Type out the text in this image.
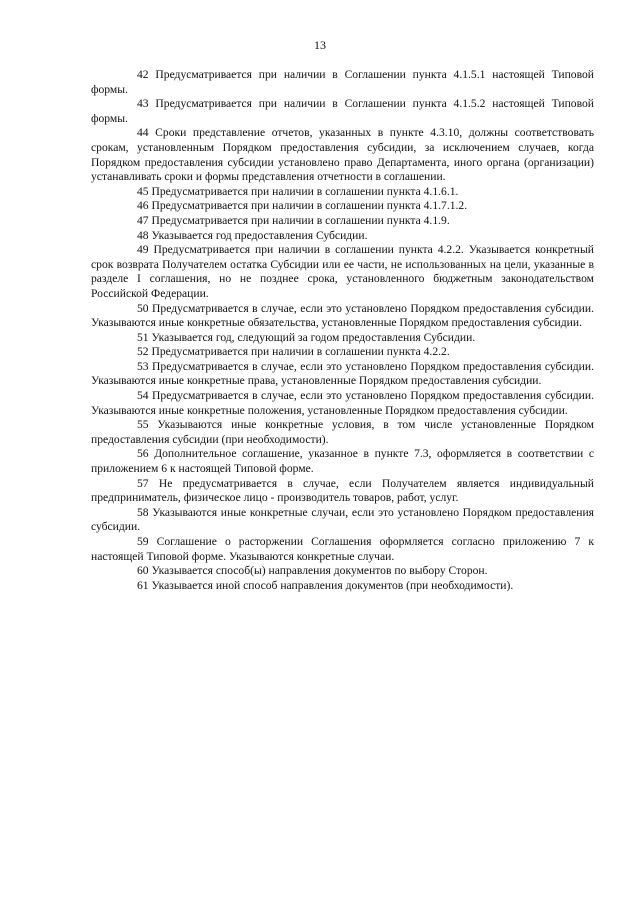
13

42 Предусматривается при наличии в Соглашении пункта 4.1.5.1 настоящей Типовой формы.

43 Предусматривается при наличии в Соглашении пункта 4.1.5.2 настоящей Типовой формы.

44 Сроки представление отчетов, указанных в пункте 4.3.10, должны соответствовать срокам, установленным Порядком предоставления субсидии, за исключением случаев, когда Порядком предоставления субсидии установлено право Департамента, иного органа (организации) устанавливать сроки и формы представления отчетности в соглашении.

45 Предусматривается при наличии в соглашении пункта 4.1.6.1.

46 Предусматривается при наличии в соглашении пункта 4.1.7.1.2.

47 Предусматривается при наличии в соглашении пункта 4.1.9.

48 Указывается год предоставления Субсидии.

49 Предусматривается при наличии в соглашении пункта 4.2.2. Указывается конкретный срок возврата Получателем остатка Субсидии или ее части, не использованных на цели, указанные в разделе I соглашения, но не позднее срока, установленного бюджетным законодательством Российской Федерации.

50 Предусматривается в случае, если это установлено Порядком предоставления субсидии. Указываются иные конкретные обязательства, установленные Порядком предоставления субсидии.

51 Указывается год, следующий за годом предоставления Субсидии.

52 Предусматривается при наличии в соглашении пункта 4.2.2.

53 Предусматривается в случае, если это установлено Порядком предоставления субсидии. Указываются иные конкретные права, установленные Порядком предоставления субсидии.

54 Предусматривается в случае, если это установлено Порядком предоставления субсидии. Указываются иные конкретные положения, установленные Порядком предоставления субсидии.

55 Указываются иные конкретные условия, в том числе установленные Порядком предоставления субсидии (при необходимости).

56 Дополнительное соглашение, указанное в пункте 7.3, оформляется в соответствии с приложением 6 к настоящей Типовой форме.

57 Не предусматривается в случае, если Получателем является индивидуальный предприниматель, физическое лицо - производитель товаров, работ, услуг.

58 Указываются иные конкретные случаи, если это установлено Порядком предоставления субсидии.

59 Соглашение о расторжении Соглашения оформляется согласно приложению 7 к настоящей Типовой форме. Указываются конкретные случаи.

60 Указывается способ(ы) направления документов по выбору Сторон.

61 Указывается иной способ направления документов (при необходимости).
